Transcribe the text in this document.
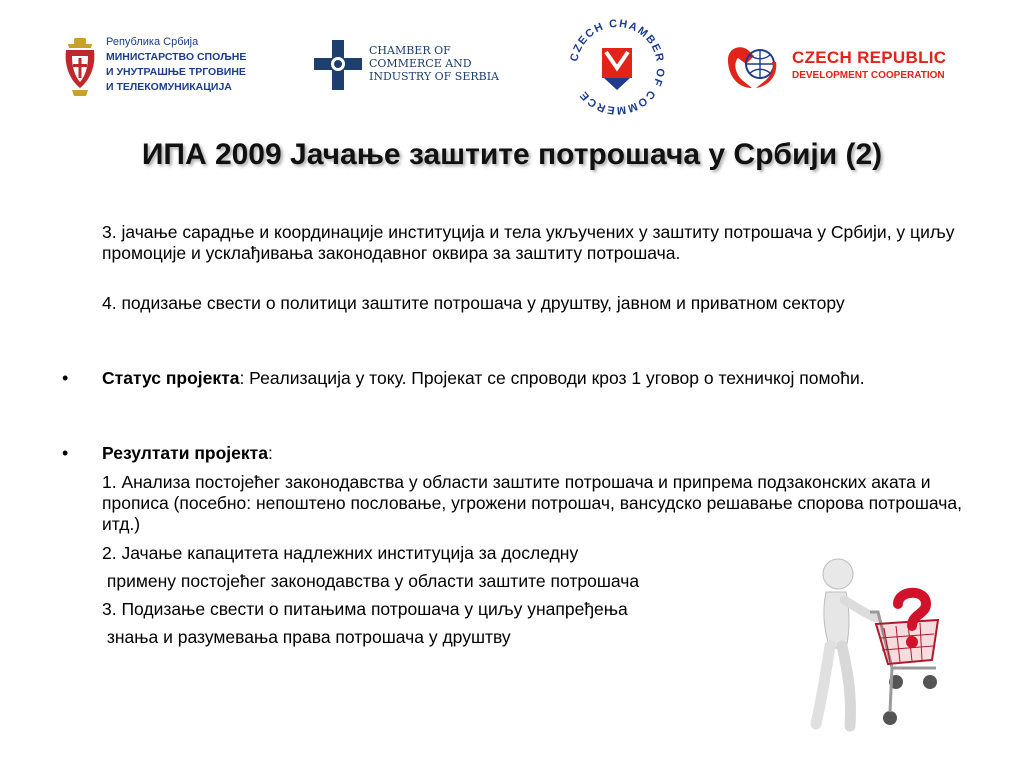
Република Србија
МИНИСТАРСТВО СПОЉНЕ
И УНУТРАШЊЕ ТРГОВИНЕ
И ТЕЛЕКОМУНИКАЦИЈА
CHAMBER OF
COMMERCE AND
INDUSTRY OF SERBIA
CZECH CHAMBER OF COMMERCE
CZECH REPUBLIC
DEVELOPMENT COOPERATION
ИПА 2009 Јачање заштите потрошача у Србији (2)
3. јачање сарадње и координације институција и тела укључених у заштиту потрошача у Србији, у циљу промоције и усклађивања законодавног оквира за заштиту потрошача.
4. подизање свести о политици заштите потрошача у друштву, јавном и приватном сектору
• Статус пројекта: Реализација у току. Пројекат се спроводи кроз 1 уговор о техничкој помоћи.
• Резултати пројекта:
1. Анализа постојећег законодавства у области заштите потрошача и припрема подзаконских аката и прописа (посебно: непоштено пословање, угрожени потрошач, вансудско решавање спорова потрошача, итд.)
2. Јачање капацитета надлежних институција за доследну
примену постојећег законодавства у области заштите потрошача
3. Подизање свести о питањима потрошача у циљу унапређења
знања и разумевања права потрошача у друштву
